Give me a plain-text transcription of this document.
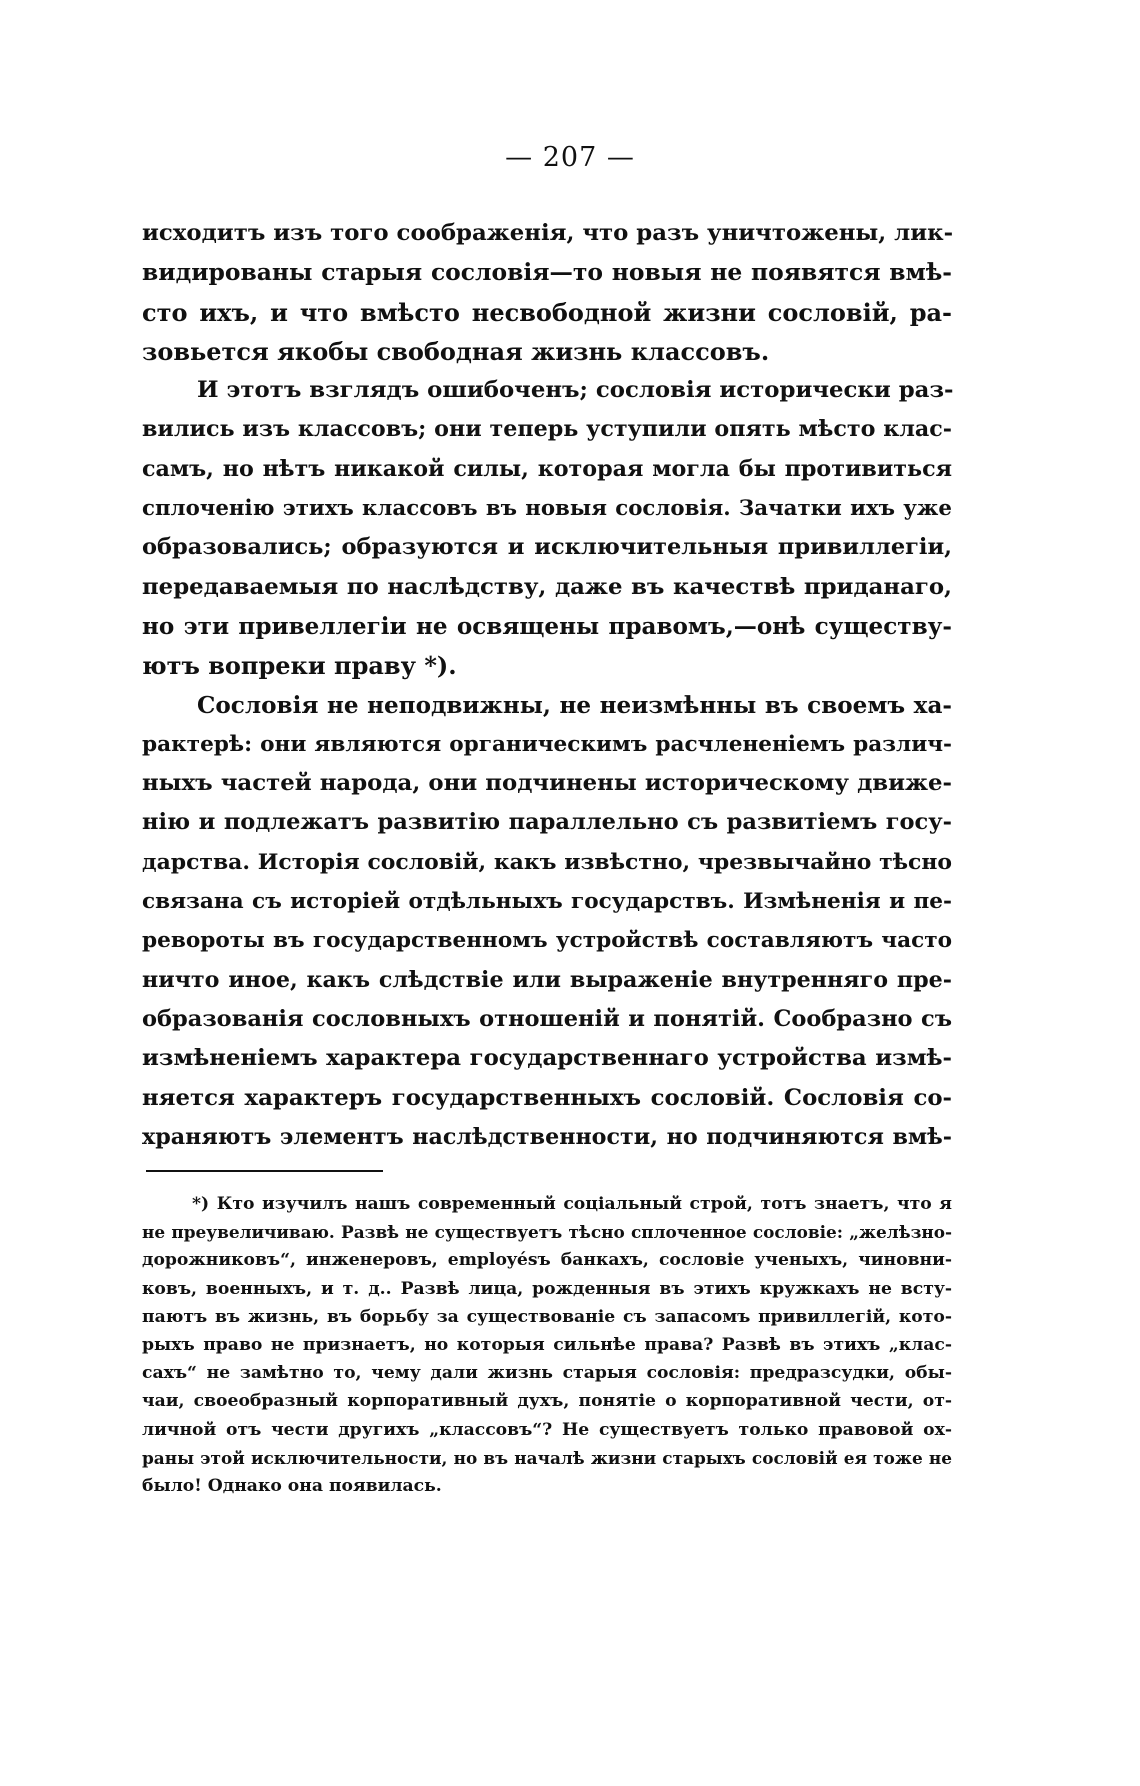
— 207 —
исходитъ изъ того соображенія, что разъ уничтожены, лик-
видированы старыя сословія—то новыя не появятся вмѣ-
сто ихъ, и что вмѣсто несвободной жизни сословій, ра-
зовьется якобы свободная жизнь классовъ.
И этотъ взглядъ ошибоченъ; сословія исторически раз-
вились изъ классовъ; они теперь уступили опять мѣсто клас-
самъ, но нѣтъ никакой силы, которая могла бы противиться
сплоченію этихъ классовъ въ новыя сословія. Зачатки ихъ уже
образовались; образуются и исключительныя привиллегіи,
передаваемыя по наслѣдству, даже въ качествѣ приданаго,
но эти привеллегіи не освящены правомъ,—онѣ существу-
ютъ вопреки праву *).
Сословія не неподвижны, не неизмѣнны въ своемъ ха-
рактерѣ: они являются органическимъ расчлененіемъ различ-
ныхъ частей народа, они подчинены историческому движе-
нію и подлежатъ развитію параллельно съ развитіемъ госу-
дарства. Исторія сословій, какъ извѣстно, чрезвычайно тѣсно
связана съ исторіей отдѣльныхъ государствъ. Измѣненія и пе-
ревороты въ государственномъ устройствѣ составляютъ часто
ничто иное, какъ слѣдствіе или выраженіе внутренняго пре-
образованія сословныхъ отношеній и понятій. Сообразно съ
измѣненіемъ характера государственнаго устройства измѣ-
няется характеръ государственныхъ сословій. Сословія со-
храняютъ элементъ наслѣдственности, но подчиняются вмѣ-
*) Кто изучилъ нашъ современный соціальный строй, тотъ знаетъ, что я
не преувеличиваю. Развѣ не существуетъ тѣсно сплоченное сословіе: „желѣзно-
дорожниковъ“, инженеровъ, employésъ банкахъ, сословіе ученыхъ, чиновни-
ковъ, военныхъ, и т. д.. Развѣ лица, рожденныя въ этихъ кружкахъ не всту-
паютъ въ жизнь, въ борьбу за существованіе съ запасомъ привиллегій, кото-
рыхъ право не признаетъ, но которыя сильнѣе права? Развѣ въ этихъ „клас-
сахъ“ не замѣтно то, чему дали жизнь старыя сословія: предразсудки, обы-
чаи, своеобразный корпоративный духъ, понятіе о корпоративной чести, от-
личной отъ чести другихъ „классовъ“? Не существуетъ только правовой ох-
раны этой исключительности, но въ началѣ жизни старыхъ сословій ея тоже не
было! Однако она появилась.
